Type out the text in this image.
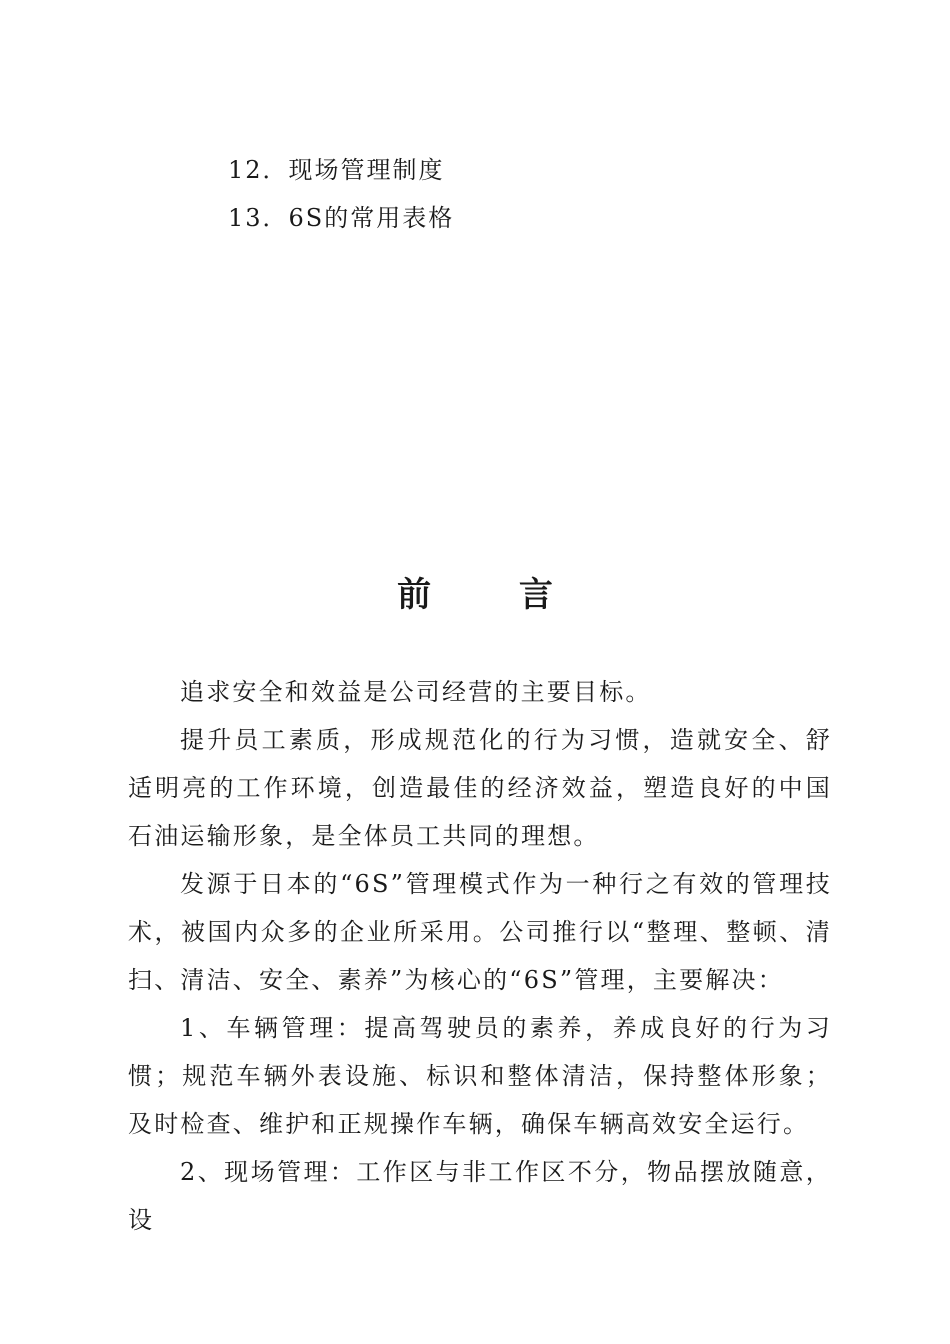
12．现场管理制度
13．6S的常用表格
前 言

追求安全和效益是公司经营的主要目标。

提升员工素质，形成规范化的行为习惯，造就安全、舒适明亮的工作环境，创造最佳的经济效益，塑造良好的中国石油运输形象，是全体员工共同的理想。

发源于日本的“6S”管理模式作为一种行之有效的管理技术，被国内众多的企业所采用。公司推行以“整理、整顿、清扫、清洁、安全、素养”为核心的“6S”管理，主要解决：

1、车辆管理：提高驾驶员的素养，养成良好的行为习惯；规范车辆外表设施、标识和整体清洁，保持整体形象；及时检查、维护和正规操作车辆，确保车辆高效安全运行。

2、现场管理：工作区与非工作区不分，物品摆放随意，设
